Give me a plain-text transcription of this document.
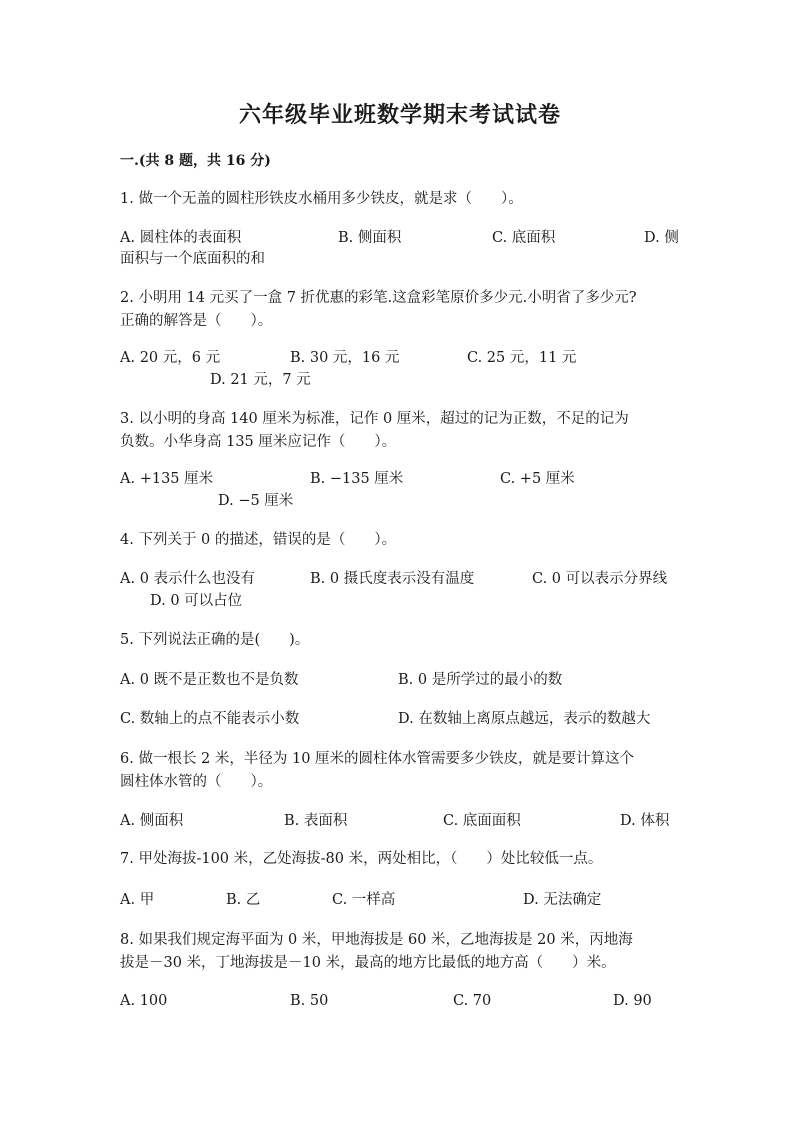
六年级毕业班数学期末考试试卷
一.(共 8 题，共 16 分)
1. 做一个无盖的圆柱形铁皮水桶用多少铁皮，就是求（　　）。
A. 圆柱体的表面积	B. 侧面积	C. 底面积	D. 侧
面积与一个底面积的和
2. 小明用 14 元买了一盒 7 折优惠的彩笔.这盒彩笔原价多少元.小明省了多少元?
正确的解答是（　　）。
A. 20 元，6 元	B. 30 元，16 元	C. 25 元，11 元
D. 21 元，7 元
3. 以小明的身高 140 厘米为标准，记作 0 厘米，超过的记为正数，不足的记为
负数。小华身高 135 厘米应记作（　　）。
A. +135 厘米	B. −135 厘米	C. +5 厘米
D. −5 厘米
4. 下列关于 0 的描述，错误的是（　　）。
A. 0 表示什么也没有	B. 0 摄氏度表示没有温度	C. 0 可以表示分界线
D. 0 可以占位
5. 下列说法正确的是(　　)。
A. 0 既不是正数也不是负数	B. 0 是所学过的最小的数
C. 数轴上的点不能表示小数	D. 在数轴上离原点越远，表示的数越大
6. 做一根长 2 米，半径为 10 厘米的圆柱体水管需要多少铁皮，就是要计算这个
圆柱体水管的（　　）。
A. 侧面积	B. 表面积	C. 底面面积	D. 体积
7. 甲处海拔-100 米，乙处海拔-80 米，两处相比，（　　）处比较低一点。
A. 甲	B. 乙	C. 一样高	D. 无法确定
8. 如果我们规定海平面为 0 米，甲地海拔是 60 米，乙地海拔是 20 米，丙地海
拔是－30 米，丁地海拔是－10 米，最高的地方比最低的地方高（　　）米。
A. 100	B. 50	C. 70	D. 90
